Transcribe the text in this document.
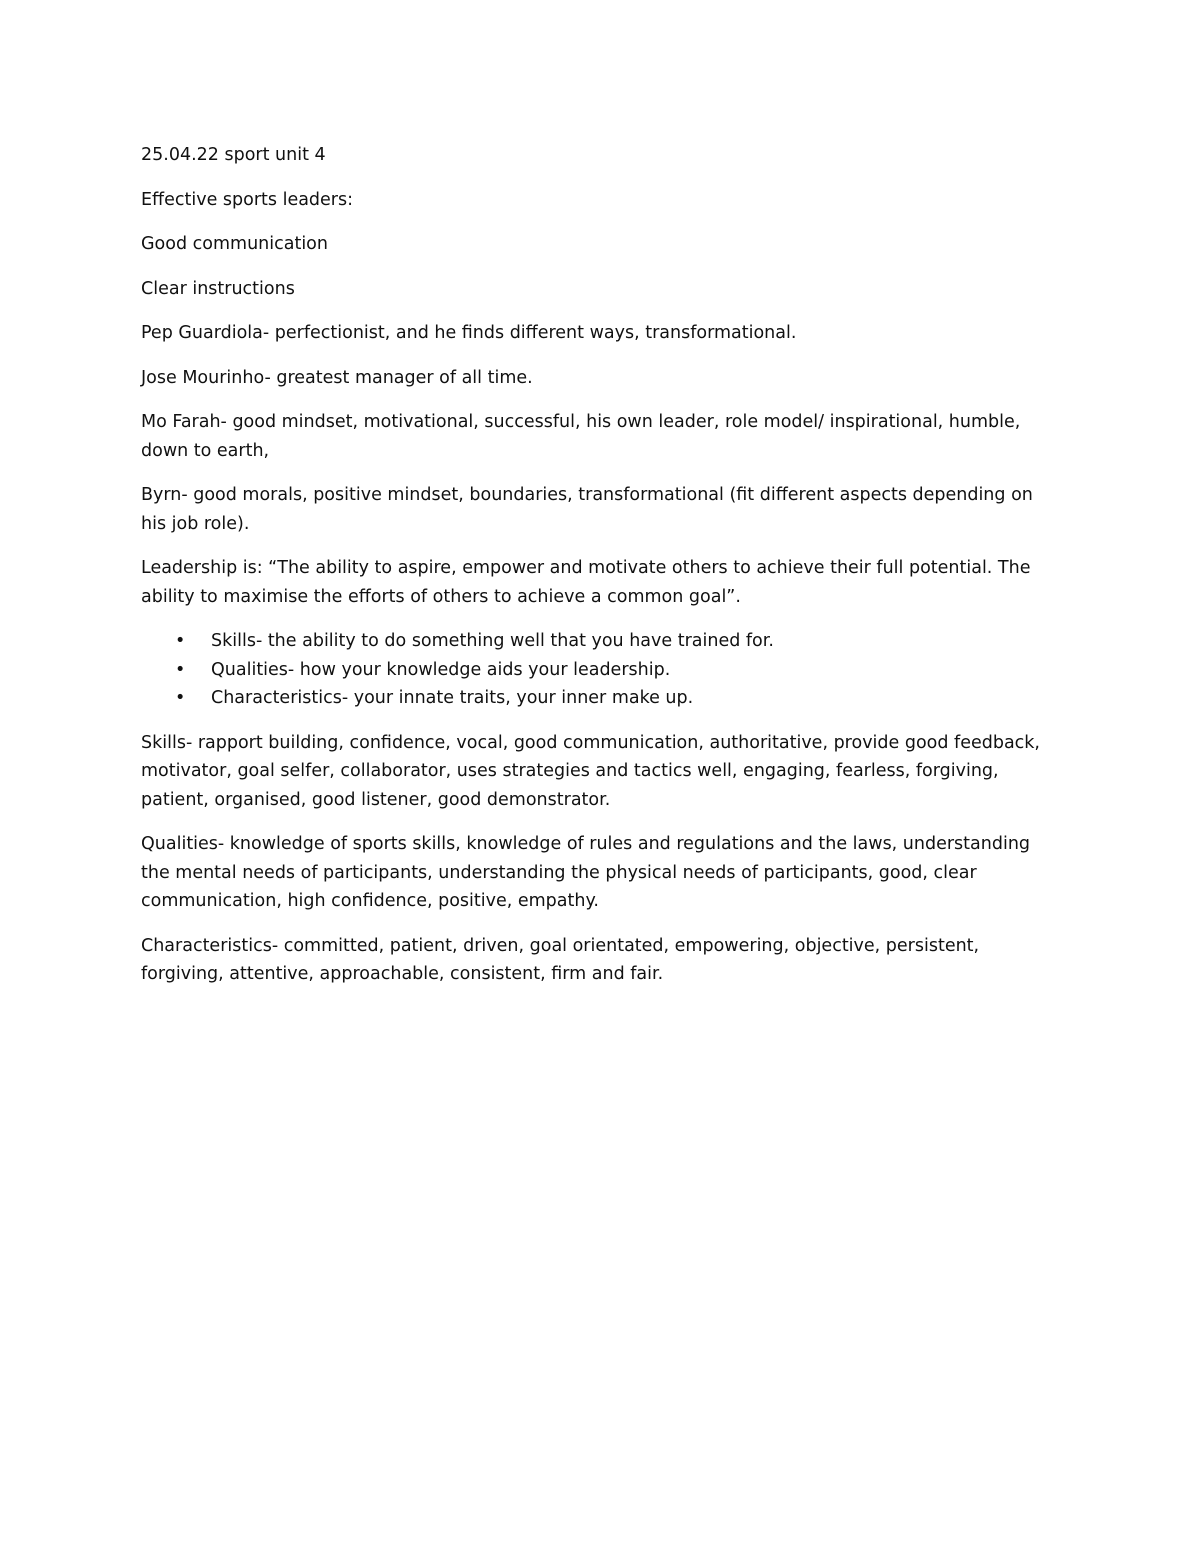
25.04.22 sport unit 4

Effective sports leaders:

Good communication

Clear instructions

Pep Guardiola- perfectionist, and he finds different ways, transformational.

Jose Mourinho- greatest manager of all time.

Mo Farah- good mindset, motivational, successful, his own leader, role model/ inspirational, humble, down to earth,

Byrn- good morals, positive mindset, boundaries, transformational (fit different aspects depending on his job role).

Leadership is: “The ability to aspire, empower and motivate others to achieve their full potential. The ability to maximise the efforts of others to achieve a common goal”.

• Skills- the ability to do something well that you have trained for.
• Qualities- how your knowledge aids your leadership.
• Characteristics- your innate traits, your inner make up.

Skills- rapport building, confidence, vocal, good communication, authoritative, provide good feedback, motivator, goal selfer, collaborator, uses strategies and tactics well, engaging, fearless, forgiving, patient, organised, good listener, good demonstrator.

Qualities- knowledge of sports skills, knowledge of rules and regulations and the laws, understanding the mental needs of participants, understanding the physical needs of participants, good, clear communication, high confidence, positive, empathy.

Characteristics- committed, patient, driven, goal orientated, empowering, objective, persistent, forgiving, attentive, approachable, consistent, firm and fair.
